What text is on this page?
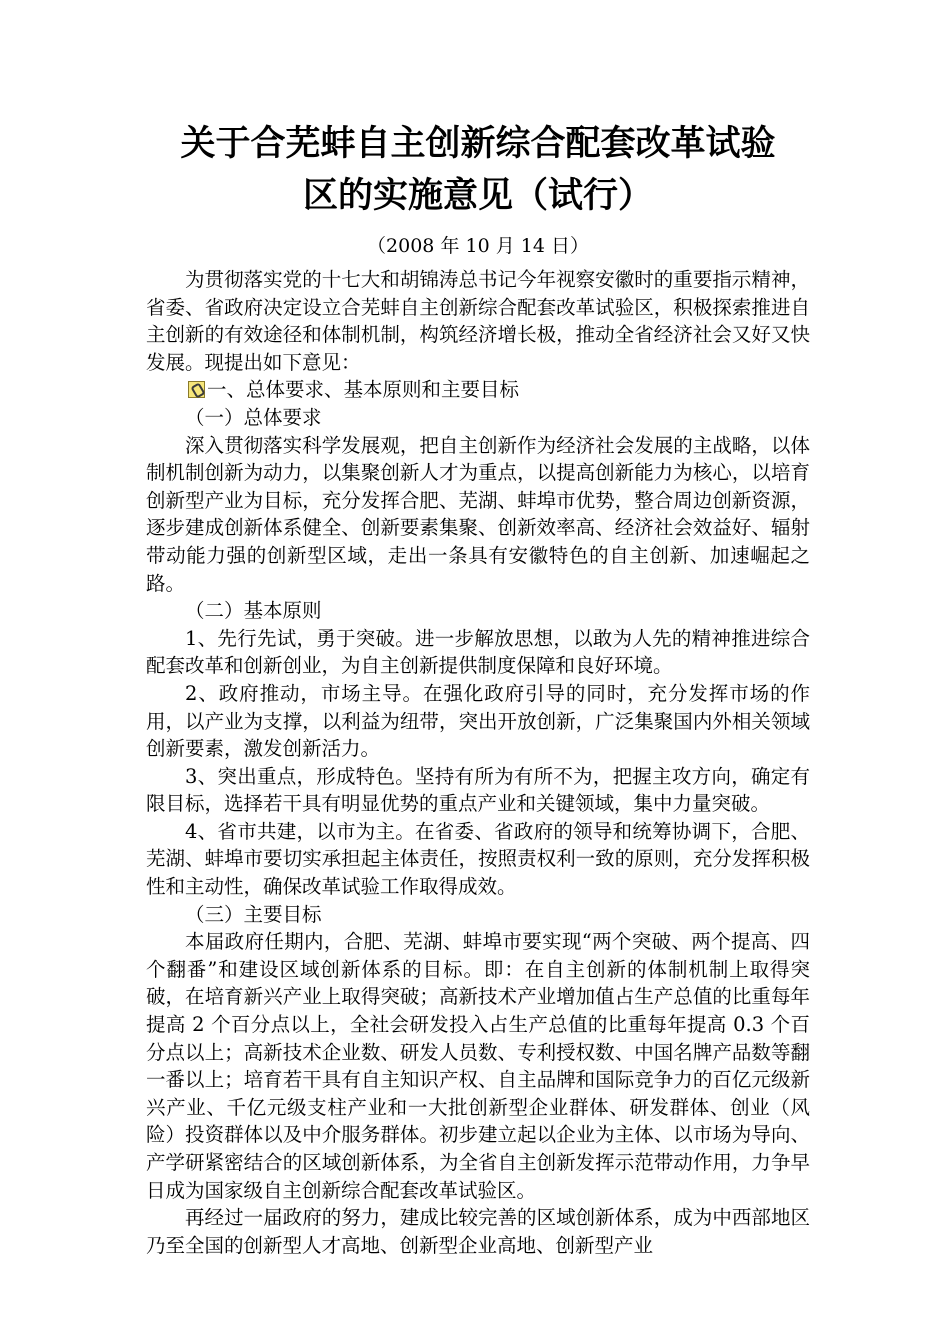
关于合芜蚌自主创新综合配套改革试验
区的实施意见（试行）
（2008 年 10 月 14 日）

为贯彻落实党的十七大和胡锦涛总书记今年视察安徽时的重要指示精神，省委、省政府决定设立合芜蚌自主创新综合配套改革试验区，积极探索推进自主创新的有效途径和体制机制，构筑经济增长极，推动全省经济社会又好又快发展。现提出如下意见：

一、总体要求、基本原则和主要目标

（一）总体要求

深入贯彻落实科学发展观，把自主创新作为经济社会发展的主战略，以体制机制创新为动力，以集聚创新人才为重点，以提高创新能力为核心，以培育创新型产业为目标，充分发挥合肥、芜湖、蚌埠市优势，整合周边创新资源，逐步建成创新体系健全、创新要素集聚、创新效率高、经济社会效益好、辐射带动能力强的创新型区域，走出一条具有安徽特色的自主创新、加速崛起之路。

（二）基本原则

1、先行先试，勇于突破。进一步解放思想，以敢为人先的精神推进综合配套改革和创新创业，为自主创新提供制度保障和良好环境。

2、政府推动，市场主导。在强化政府引导的同时，充分发挥市场的作用，以产业为支撑，以利益为纽带，突出开放创新，广泛集聚国内外相关领域创新要素，激发创新活力。

3、突出重点，形成特色。坚持有所为有所不为，把握主攻方向，确定有限目标，选择若干具有明显优势的重点产业和关键领域，集中力量突破。

4、省市共建，以市为主。在省委、省政府的领导和统筹协调下，合肥、芜湖、蚌埠市要切实承担起主体责任，按照责权利一致的原则，充分发挥积极性和主动性，确保改革试验工作取得成效。

（三）主要目标

本届政府任期内，合肥、芜湖、蚌埠市要实现“两个突破、两个提高、四个翻番”和建设区域创新体系的目标。即：在自主创新的体制机制上取得突破，在培育新兴产业上取得突破；高新技术产业增加值占生产总值的比重每年提高 2 个百分点以上，全社会研发投入占生产总值的比重每年提高 0.3 个百分点以上；高新技术企业数、研发人员数、专利授权数、中国名牌产品数等翻一番以上；培育若干具有自主知识产权、自主品牌和国际竞争力的百亿元级新兴产业、千亿元级支柱产业和一大批创新型企业群体、研发群体、创业（风险）投资群体以及中介服务群体。初步建立起以企业为主体、以市场为导向、产学研紧密结合的区域创新体系，为全省自主创新发挥示范带动作用，力争早日成为国家级自主创新综合配套改革试验区。

再经过一届政府的努力，建成比较完善的区域创新体系，成为中西部地区乃至全国的创新型人才高地、创新型企业高地、创新型产业
